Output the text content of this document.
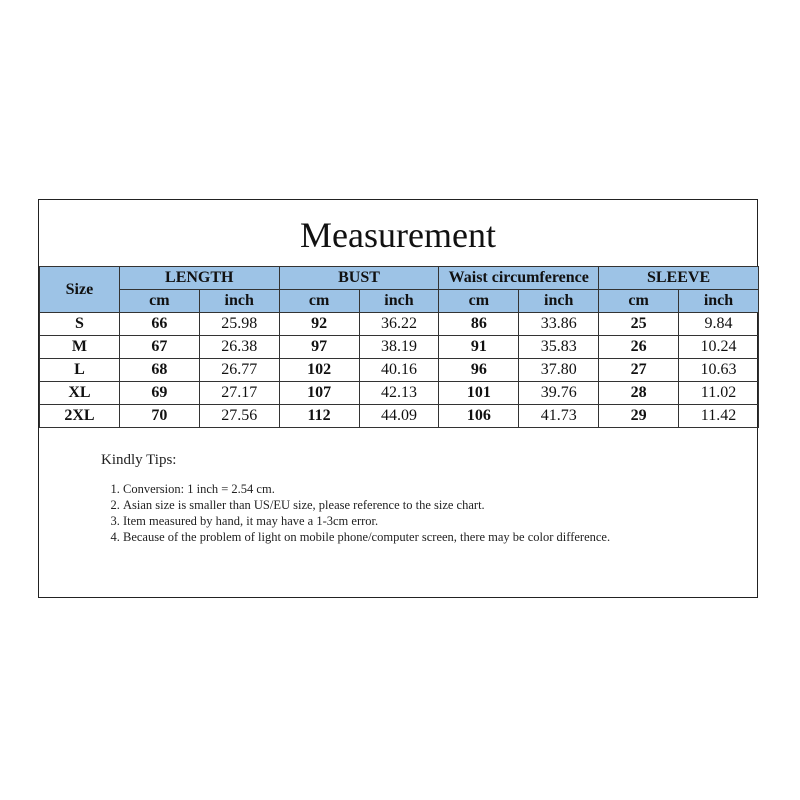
Measurement
Size	LENGTH		BUST		Waist circumference		SLEEVE	
	cm	inch	cm	inch	cm	inch	cm	inch
S	66	25.98	92	36.22	86	33.86	25	9.84
M	67	26.38	97	38.19	91	35.83	26	10.24
L	68	26.77	102	40.16	96	37.80	27	10.63
XL	69	27.17	107	42.13	101	39.76	28	11.02
2XL	70	27.56	112	44.09	106	41.73	29	11.42
Kindly Tips:
1. Conversion: 1 inch = 2.54 cm.
2. Asian size is smaller than US/EU size, please reference to the size chart.
3. Item measured by hand, it may have a 1-3cm error.
4. Because of the problem of light on mobile phone/computer screen, there may be color difference.
